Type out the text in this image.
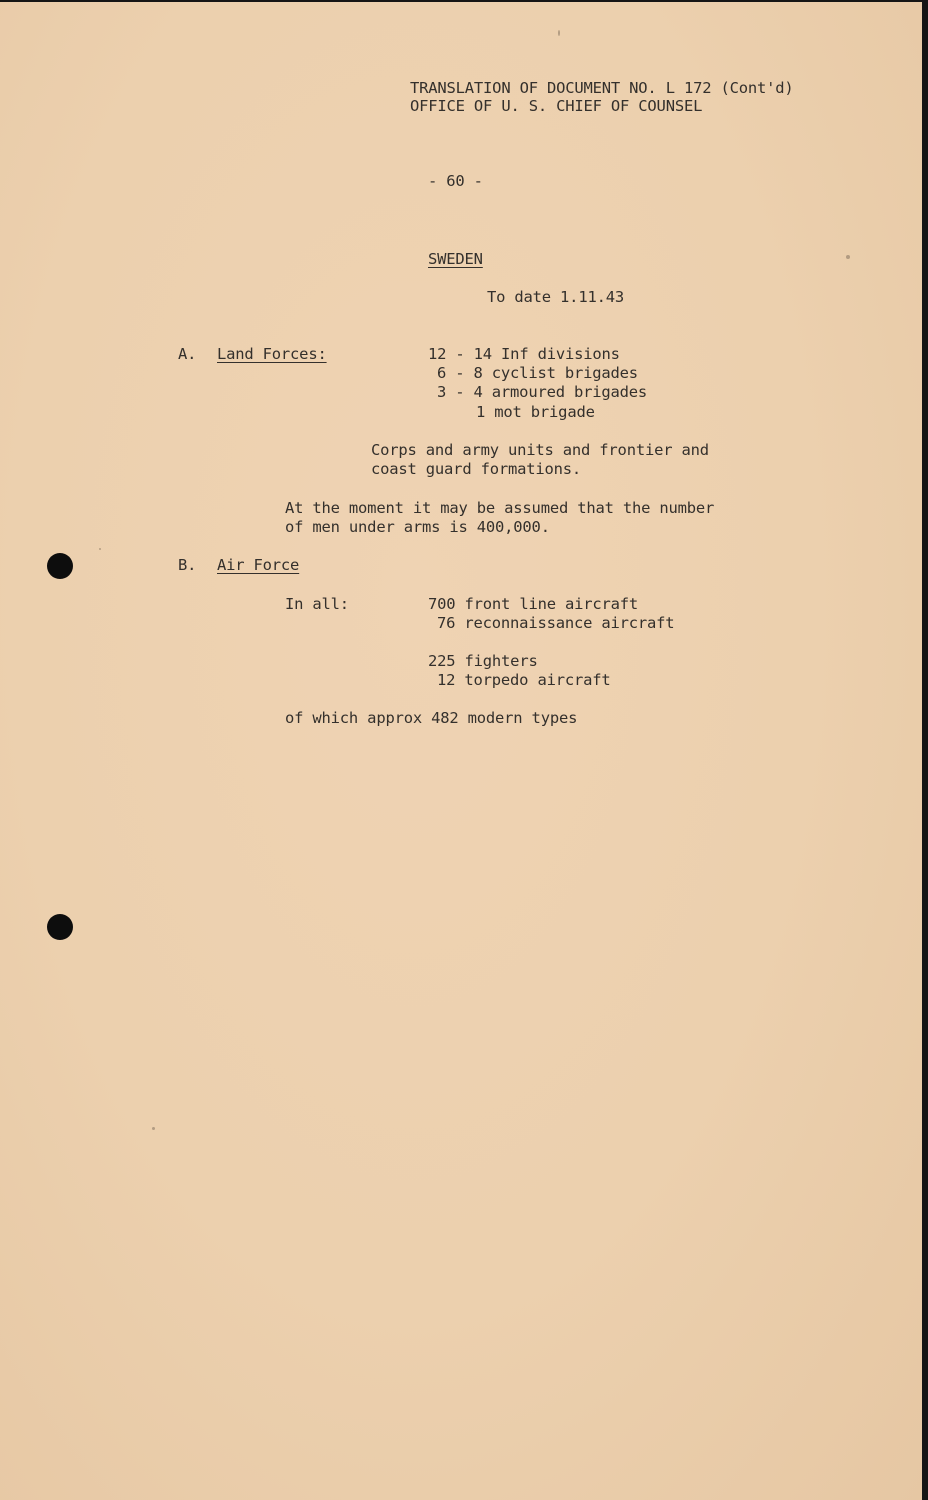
TRANSLATION OF DOCUMENT NO. L 172 (Cont'd)
OFFICE OF U. S. CHIEF OF COUNSEL
- 60 -
SWEDEN
To date 1.11.43
A. Land Forces:	12 - 14 Inf divisions
6 - 8 cyclist brigades
3 - 4 armoured brigades
1 mot brigade
Corps and army units and frontier and
coast guard formations.
At the moment it may be assumed that the number
of men under arms is 400,000.
B. Air Force
In all:	700 front line aircraft
76 reconnaissance aircraft
225 fighters
12 torpedo aircraft
of which approx 482 modern types
